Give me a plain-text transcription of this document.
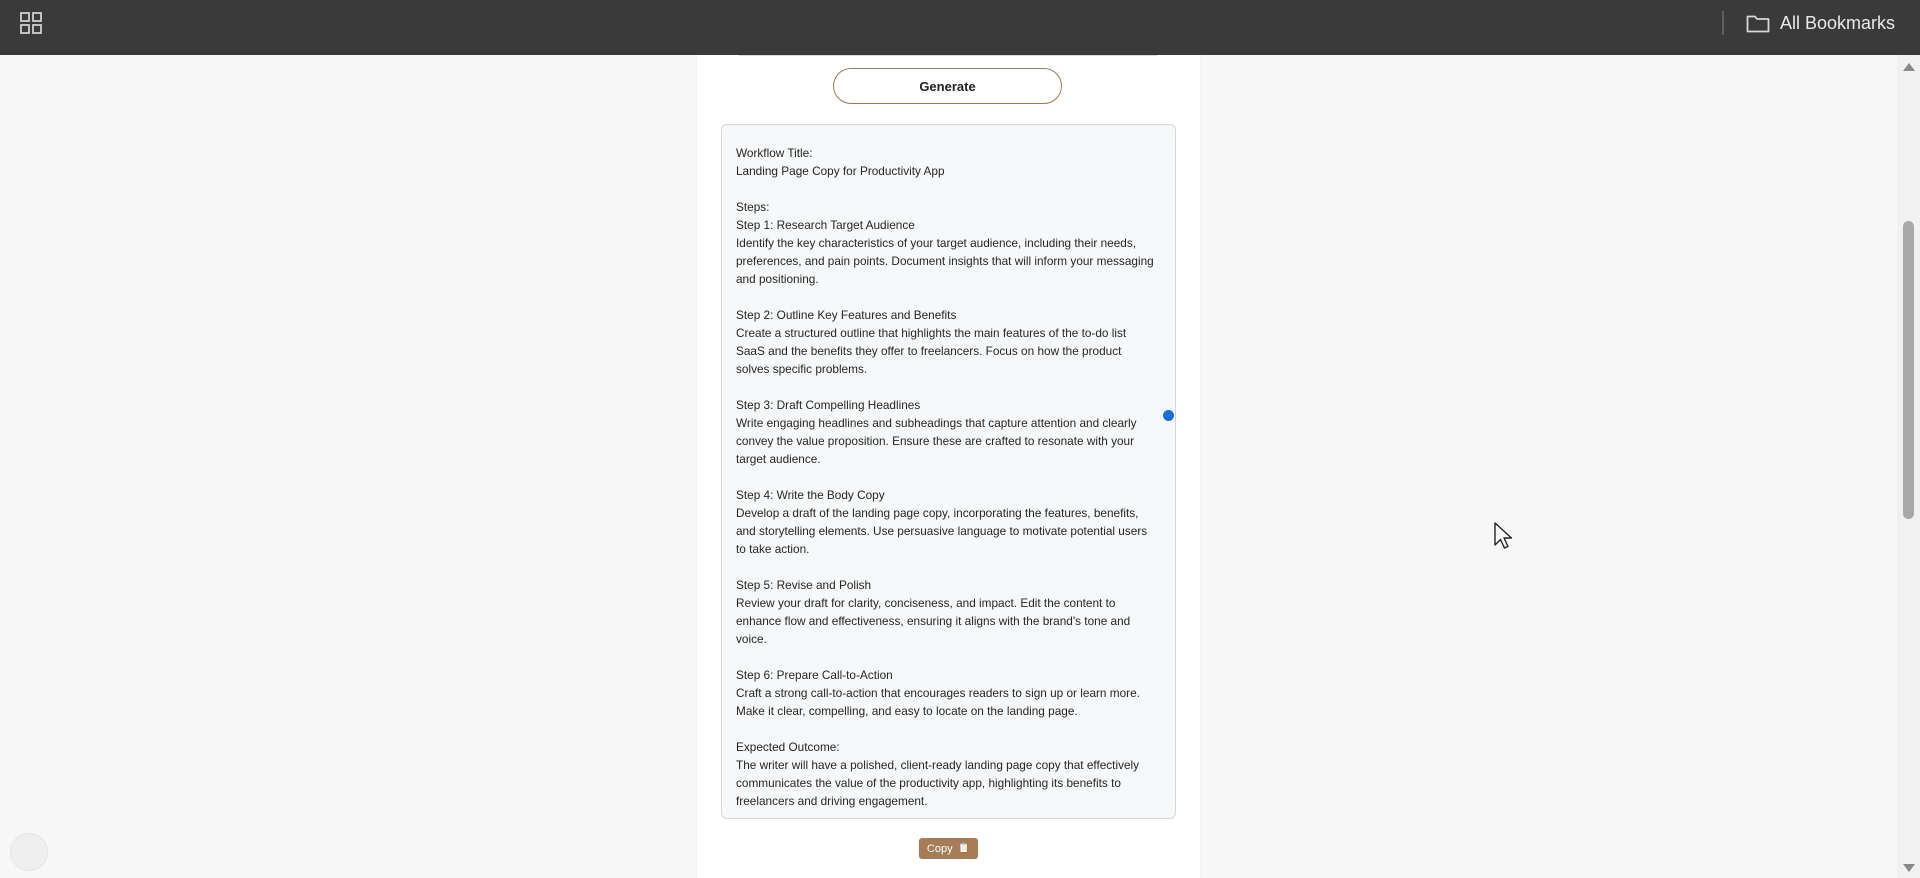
All Bookmarks
Generate
Workflow Title:
Landing Page Copy for Productivity App

Steps:
Step 1: Research Target Audience
Identify the key characteristics of your target audience, including their needs, preferences, and pain points. Document insights that will inform your messaging and positioning.

Step 2: Outline Key Features and Benefits
Create a structured outline that highlights the main features of the to-do list SaaS and the benefits they offer to freelancers. Focus on how the product solves specific problems.

Step 3: Draft Compelling Headlines
Write engaging headlines and subheadings that capture attention and clearly convey the value proposition. Ensure these are crafted to resonate with your target audience.

Step 4: Write the Body Copy
Develop a draft of the landing page copy, incorporating the features, benefits, and storytelling elements. Use persuasive language to motivate potential users to take action.

Step 5: Revise and Polish
Review your draft for clarity, conciseness, and impact. Edit the content to enhance flow and effectiveness, ensuring it aligns with the brand's tone and voice.

Step 6: Prepare Call-to-Action
Craft a strong call-to-action that encourages readers to sign up or learn more. Make it clear, compelling, and easy to locate on the landing page.

Expected Outcome:
The writer will have a polished, client-ready landing page copy that effectively communicates the value of the productivity app, highlighting its benefits to freelancers and driving engagement.
Copy 📋
